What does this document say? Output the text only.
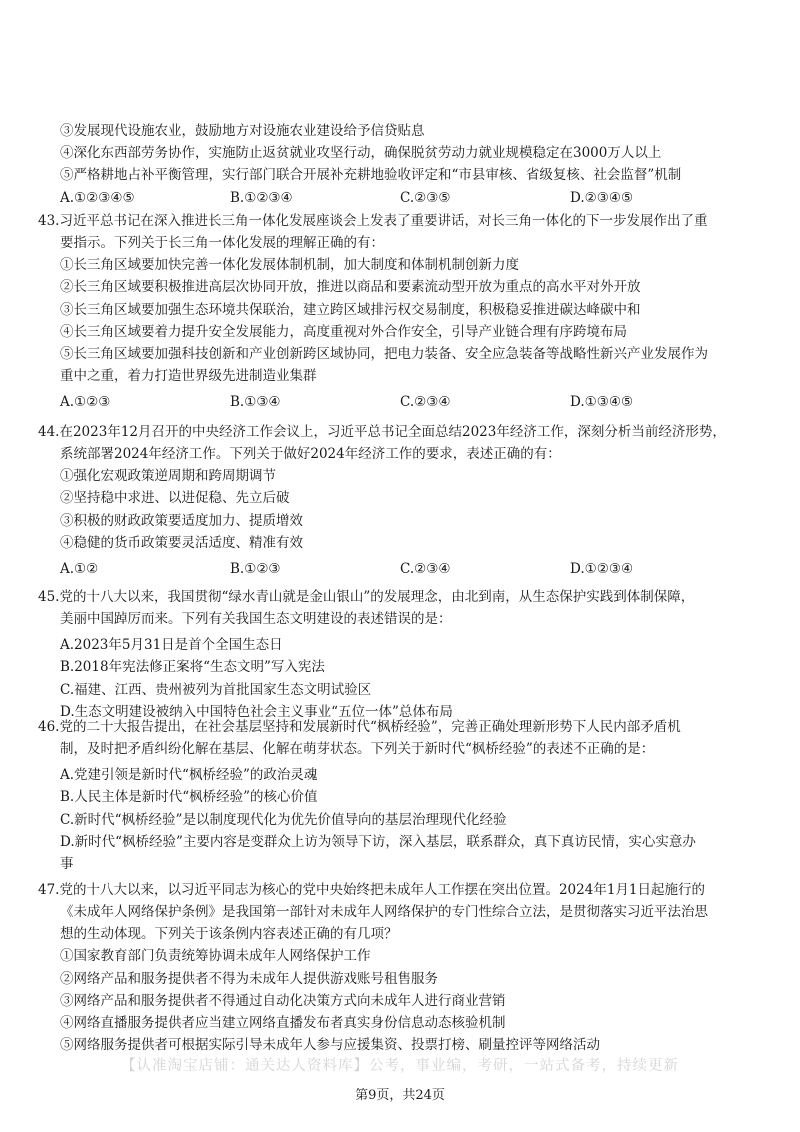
③发展现代设施农业，鼓励地方对设施农业建设给予信贷贴息
④深化东西部劳务协作，实施防止返贫就业攻坚行动，确保脱贫劳动力就业规模稳定在3000万人以上
⑤严格耕地占补平衡管理，实行部门联合开展补充耕地验收评定和“市县审核、省级复核、社会监督”机制
A.①②③④⑤	B.①②③④	C.②③⑤	D.②③④⑤
43.习近平总书记在深入推进长三角一体化发展座谈会上发表了重要讲话，对长三角一体化的下一步发展作出了重
要指示。下列关于长三角一体化发展的理解正确的有：
①长三角区域要加快完善一体化发展体制机制，加大制度和体制机制创新力度
②长三角区域要积极推进高层次协同开放，推进以商品和要素流动型开放为重点的高水平对外开放
③长三角区域要加强生态环境共保联治，建立跨区域排污权交易制度，积极稳妥推进碳达峰碳中和
④长三角区域要着力提升安全发展能力，高度重视对外合作安全，引导产业链合理有序跨境布局
⑤长三角区域要加强科技创新和产业创新跨区域协同，把电力装备、安全应急装备等战略性新兴产业发展作为
重中之重，着力打造世界级先进制造业集群
A.①②③	B.①③④	C.②③④	D.①③④⑤
44.在2023年12月召开的中央经济工作会议上，习近平总书记全面总结2023年经济工作，深刻分析当前经济形势，
系统部署2024年经济工作。下列关于做好2024年经济工作的要求，表述正确的有：
①强化宏观政策逆周期和跨周期调节
②坚持稳中求进、以进促稳、先立后破
③积极的财政政策要适度加力、提质增效
④稳健的货币政策要灵活适度、精准有效
A.①②	B.①②③	C.②③④	D.①②③④
45.党的十八大以来，我国贯彻“绿水青山就是金山银山”的发展理念，由北到南，从生态保护实践到体制保障，
美丽中国踔厉而来。下列有关我国生态文明建设的表述错误的是：
A.2023年5月31日是首个全国生态日
B.2018年宪法修正案将“生态文明”写入宪法
C.福建、江西、贵州被列为首批国家生态文明试验区
D.生态文明建设被纳入中国特色社会主义事业“五位一体”总体布局
46.党的二十大报告提出，在社会基层坚持和发展新时代“枫桥经验”，完善正确处理新形势下人民内部矛盾机
制，及时把矛盾纠纷化解在基层、化解在萌芽状态。下列关于新时代“枫桥经验”的表述不正确的是：
A.党建引领是新时代“枫桥经验”的政治灵魂
B.人民主体是新时代“枫桥经验”的核心价值
C.新时代“枫桥经验”是以制度现代化为优先价值导向的基层治理现代化经验
D.新时代“枫桥经验”主要内容是变群众上访为领导下访，深入基层，联系群众，真下真访民情，实心实意办
事
47.党的十八大以来，以习近平同志为核心的党中央始终把未成年人工作摆在突出位置。2024年1月1日起施行的
《未成年人网络保护条例》是我国第一部针对未成年人网络保护的专门性综合立法，是贯彻落实习近平法治思
想的生动体现。下列关于该条例内容表述正确的有几项？
①国家教育部门负责统筹协调未成年人网络保护工作
②网络产品和服务提供者不得为未成年人提供游戏账号租售服务
③网络产品和服务提供者不得通过自动化决策方式向未成年人进行商业营销
④网络直播服务提供者应当建立网络直播发布者真实身份信息动态核验机制
⑤网络服务提供者可根据实际引导未成年人参与应援集资、投票打榜、刷量控评等网络活动
【认准淘宝店铺：通关达人资料库】公考，事业编，考研，一站式备考，持续更新
第9页，共24页
